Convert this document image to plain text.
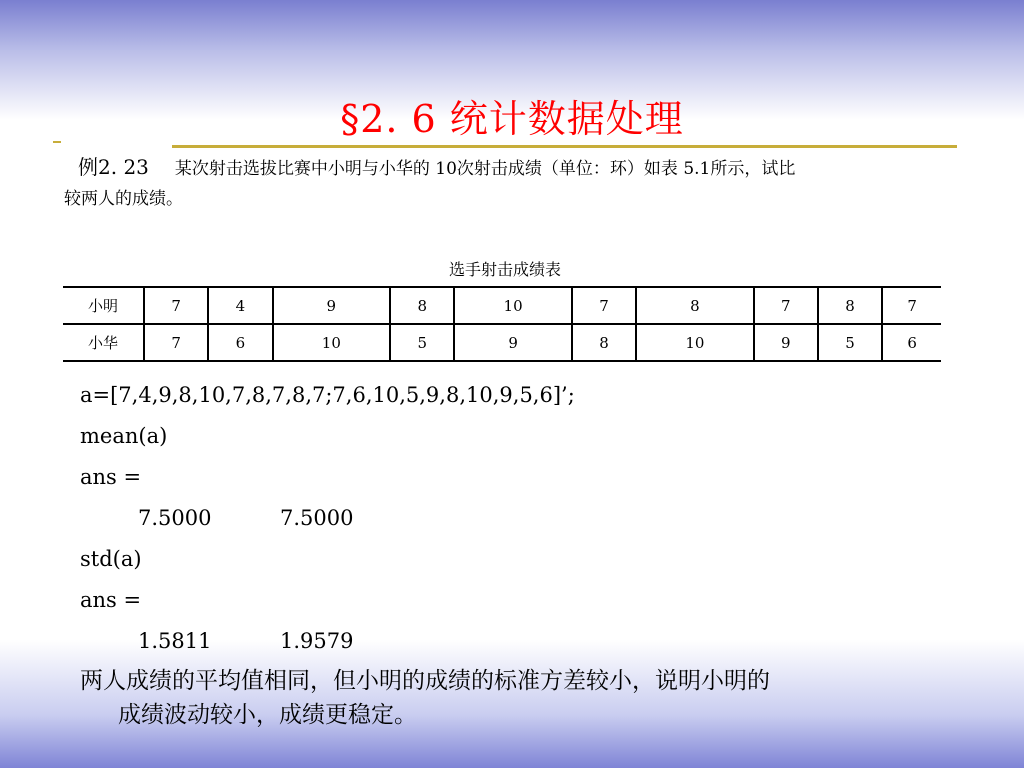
§2. 6 统计数据处理
例2. 23 某次射击选拔比赛中小明与小华的 10次射击成绩（单位：环）如表 5.1所示，试比
较两人的成绩。
选手射击成绩表
小明	7	4	9	8	10	7	8	7	8	7
小华	7	6	10	5	9	8	10	9	5	6
a=[7,4,9,8,10,7,8,7,8,7;7,6,10,5,9,8,10,9,5,6]’;
mean(a)
ans =
7.5000	7.5000
std(a)
ans =
1.5811	1.9579
两人成绩的平均值相同，但小明的成绩的标准方差较小，说明小明的
成绩波动较小，成绩更稳定。
